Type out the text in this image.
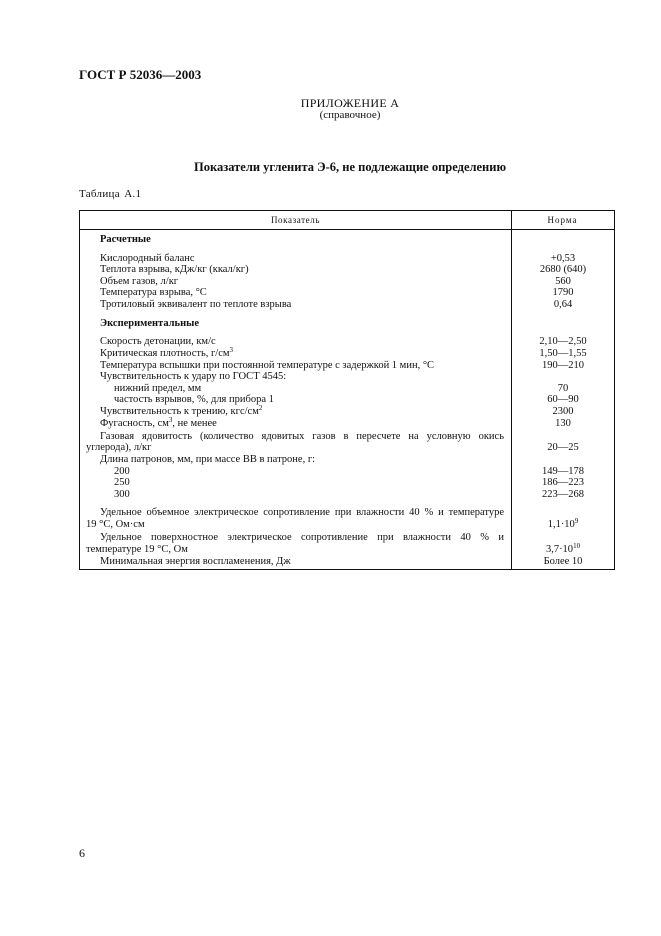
ГОСТ Р 52036—2003
ПРИЛОЖЕНИЕ А
(справочное)
Показатели угленита Э-6, не подлежащие определению
Таблица А.1
Показатель	Норма
Расчетные
Кислородный баланс	+0,53
Теплота взрыва, кДж/кг (ккал/кг)	2680 (640)
Объем газов, л/кг	560
Температура взрыва, °С	1790
Тротиловый эквивалент по теплоте взрыва	0,64
Экспериментальные
Скорость детонации, км/с	2,10—2,50
Критическая плотность, $г/см^3$	1,50—1,55
Температура вспышки при постоянной температуре с задержкой 1 мин, °С	190—210
Чувствительность к удару по ГОСТ 4545:
нижний предел, мм	70
частость взрывов, %, для прибора 1	60—90
Чувствительность к трению, кгс/$см^2$	2300
Фугасность, $см^3$, не менее	130
Газовая ядовитость (количество ядовитых газов в пересчете на условную окись
углерода), л/кг	20—25
Длина патронов, мм, при массе ВВ в патроне, г:
200	149—178
250	186—223
300	223—268
Удельное объемное электрическое сопротивление при влажности 40 % и температуре
19 °С, Ом·см	$1,1\cdot 10^9$
Удельное поверхностное электрическое сопротивление при влажности 40 % и
температуре 19 °С, Ом	$3,7\cdot 10^{10}$
Минимальная энергия воспламенения, Дж	Более 10
6
